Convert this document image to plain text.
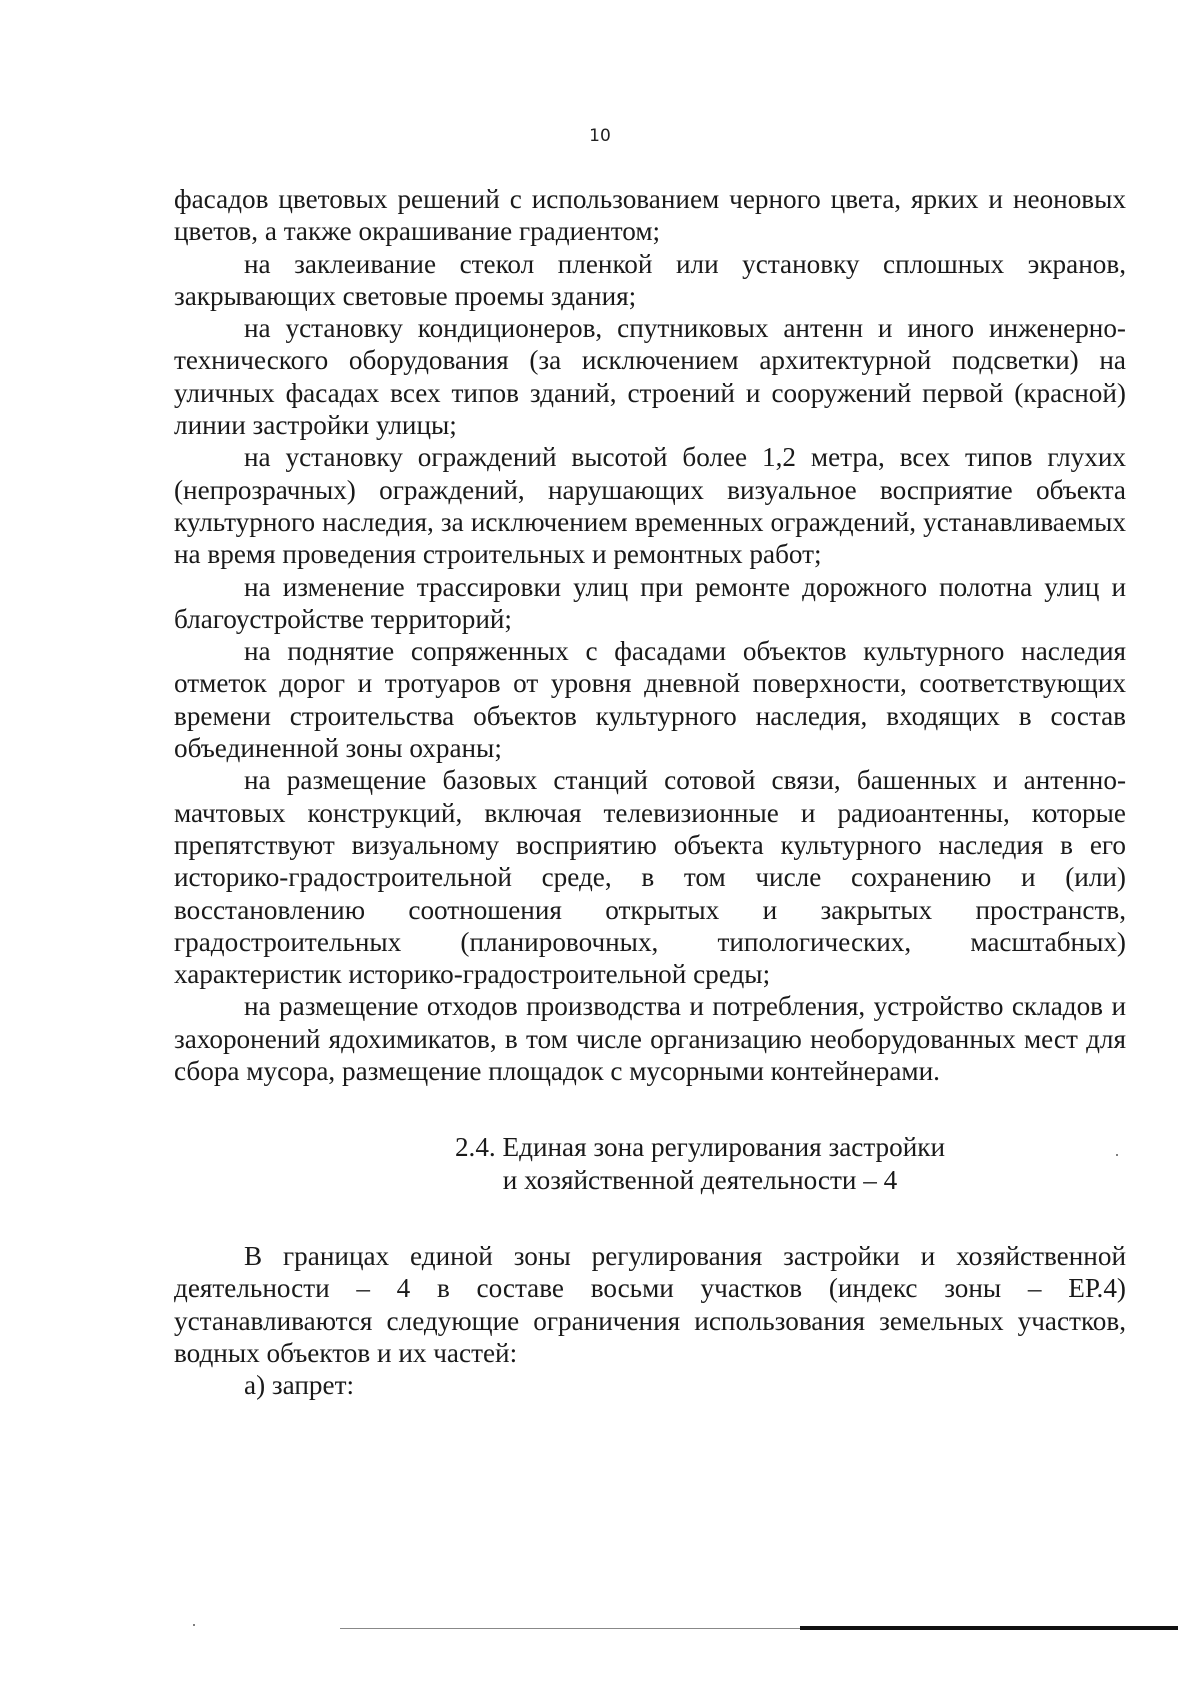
10

фасадов цветовых решений с использованием черного цвета, ярких и неоновых цветов, а также окрашивание градиентом;

на заклеивание стекол пленкой или установку сплошных экранов, закрывающих световые проемы здания;

на установку кондиционеров, спутниковых антенн и иного инженерно-технического оборудования (за исключением архитектурной подсветки) на уличных фасадах всех типов зданий, строений и сооружений первой (красной) линии застройки улицы;

на установку ограждений высотой более 1,2 метра, всех типов глухих (непрозрачных) ограждений, нарушающих визуальное восприятие объекта культурного наследия, за исключением временных ограждений, устанавливаемых на время проведения строительных и ремонтных работ;

на изменение трассировки улиц при ремонте дорожного полотна улиц и благоустройстве территорий;

на поднятие сопряженных с фасадами объектов культурного наследия отметок дорог и тротуаров от уровня дневной поверхности, соответствующих времени строительства объектов культурного наследия, входящих в состав объединенной зоны охраны;

на размещение базовых станций сотовой связи, башенных и антенно-мачтовых конструкций, включая телевизионные и радиоантенны, которые препятствуют визуальному восприятию объекта культурного наследия в его историко-градостроительной среде, в том числе сохранению и (или) восстановлению соотношения открытых и закрытых пространств, градостроительных (планировочных, типологических, масштабных) характеристик историко-градостроительной среды;

на размещение отходов производства и потребления, устройство складов и захоронений ядохимикатов, в том числе организацию необорудованных мест для сбора мусора, размещение площадок с мусорными контейнерами.

2.4. Единая зона регулирования застройки
и хозяйственной деятельности – 4

В границах единой зоны регулирования застройки и хозяйственной деятельности – 4 в составе восьми участков (индекс зоны – ЕР.4) устанавливаются следующие ограничения использования земельных участков, водных объектов и их частей:

а) запрет:
